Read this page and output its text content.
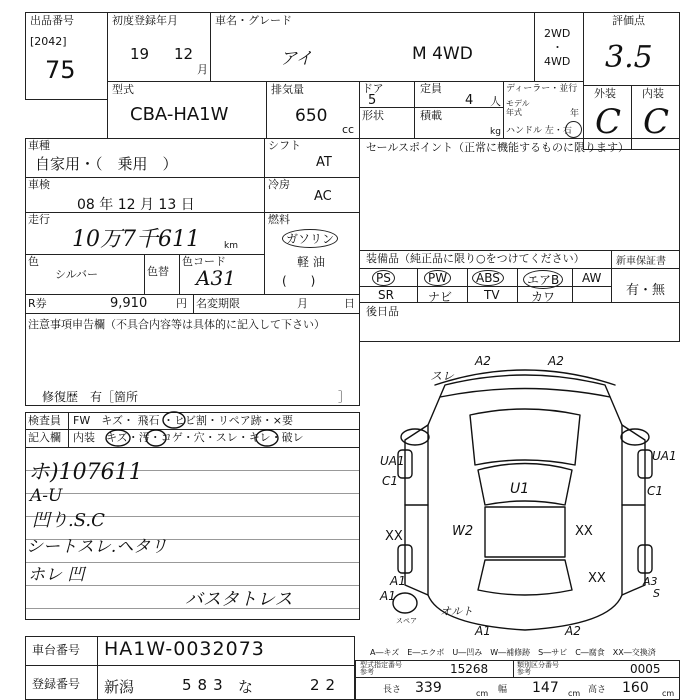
出品番号
[2042]
75
初度登録年月
19 12
月
車名・グレード
アイ	M 4WD
2WD
・
4WD
評価点
3.5
外装 内装
C C
型式
CBA-HA1W
排気量
650
cc
ドア
5
定員
4 人
形状	積載
kg
ディーラー・並行
モデル年式	年
ハンドル 左・右
車種
自家用・（　乗用　）
シフト
AT
車検
08 年 12 月 13 日
冷房
AC
走行
10万7千611	km
燃料
ガソリン
軽 油
(　　)
色
シルバー	色替
色コード
A31
R券	9,910	円 名変期限	月	日
注意事項申告欄（不具合内容等は具体的に記入して下さい）
修復歴　有［箇所	］
セールスポイント（正常に機能するものに限ります）
装備品（純正品に限り○をつけてください）
PS	PW	ABS	エアB	AW
SR	ナビ	TV	カワ
新車保証書
有・無
後日品
検査員
記入欄
FW　キズ・ 飛石 ・ヒビ割・リペア跡・×要
内装　キズ・汚・コゲ・穴・スレ・キレ・破レ
ホ)107611
A-U
凹り.S.C
シートスレ.ヘタリ
ホレ 凹
バスタトレス
A2	A2
スレ
UA1	UA1
C1
C1
U1
W2
XX	XX
XX
A1
A1
A1
A3
S
オルト
A2
スペア
A―キズ　E―エクボ　U―凹み　W―補修跡　S―サビ　C―腐食　XX―交換済
車台番号 HA1W-0032073
登録番号 新潟	583 な	22
型式指定番号参考	15268	類別区分番号参考	0005
長さ 339	cm 幅 147 cm 高さ 160 cm
